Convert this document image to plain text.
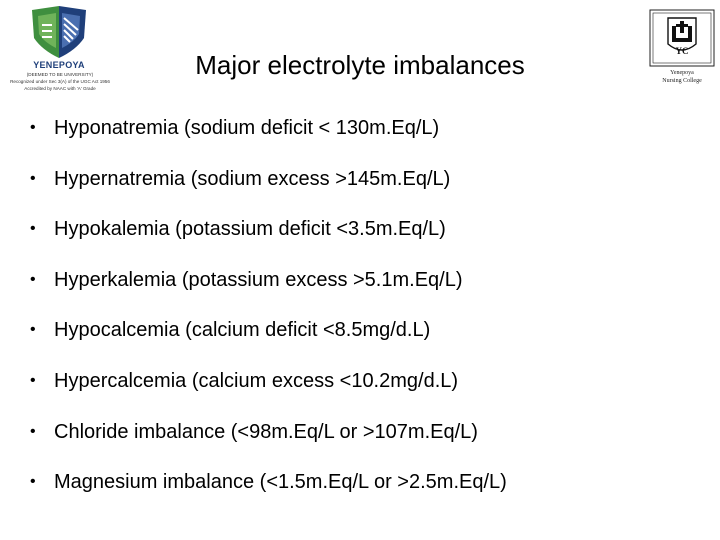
YENEPOYA
(DEEMED TO BE UNIVERSITY)
Recognized under Sec 3(A) of the UGC Act 1956
Accredited by NAAC with 'A' Grade
Major electrolyte imbalances	YC
Yenepoya
Nursing College
• Hyponatremia (sodium deficit < 130m.Eq/L)
• Hypernatremia (sodium excess >145m.Eq/L)
• Hypokalemia (potassium deficit <3.5m.Eq/L)
• Hyperkalemia (potassium excess >5.1m.Eq/L)
• Hypocalcemia (calcium deficit <8.5mg/d.L)
• Hypercalcemia (calcium excess <10.2mg/d.L)
• Chloride imbalance (<98m.Eq/L or >107m.Eq/L)
• Magnesium imbalance (<1.5m.Eq/L or >2.5m.Eq/L)
